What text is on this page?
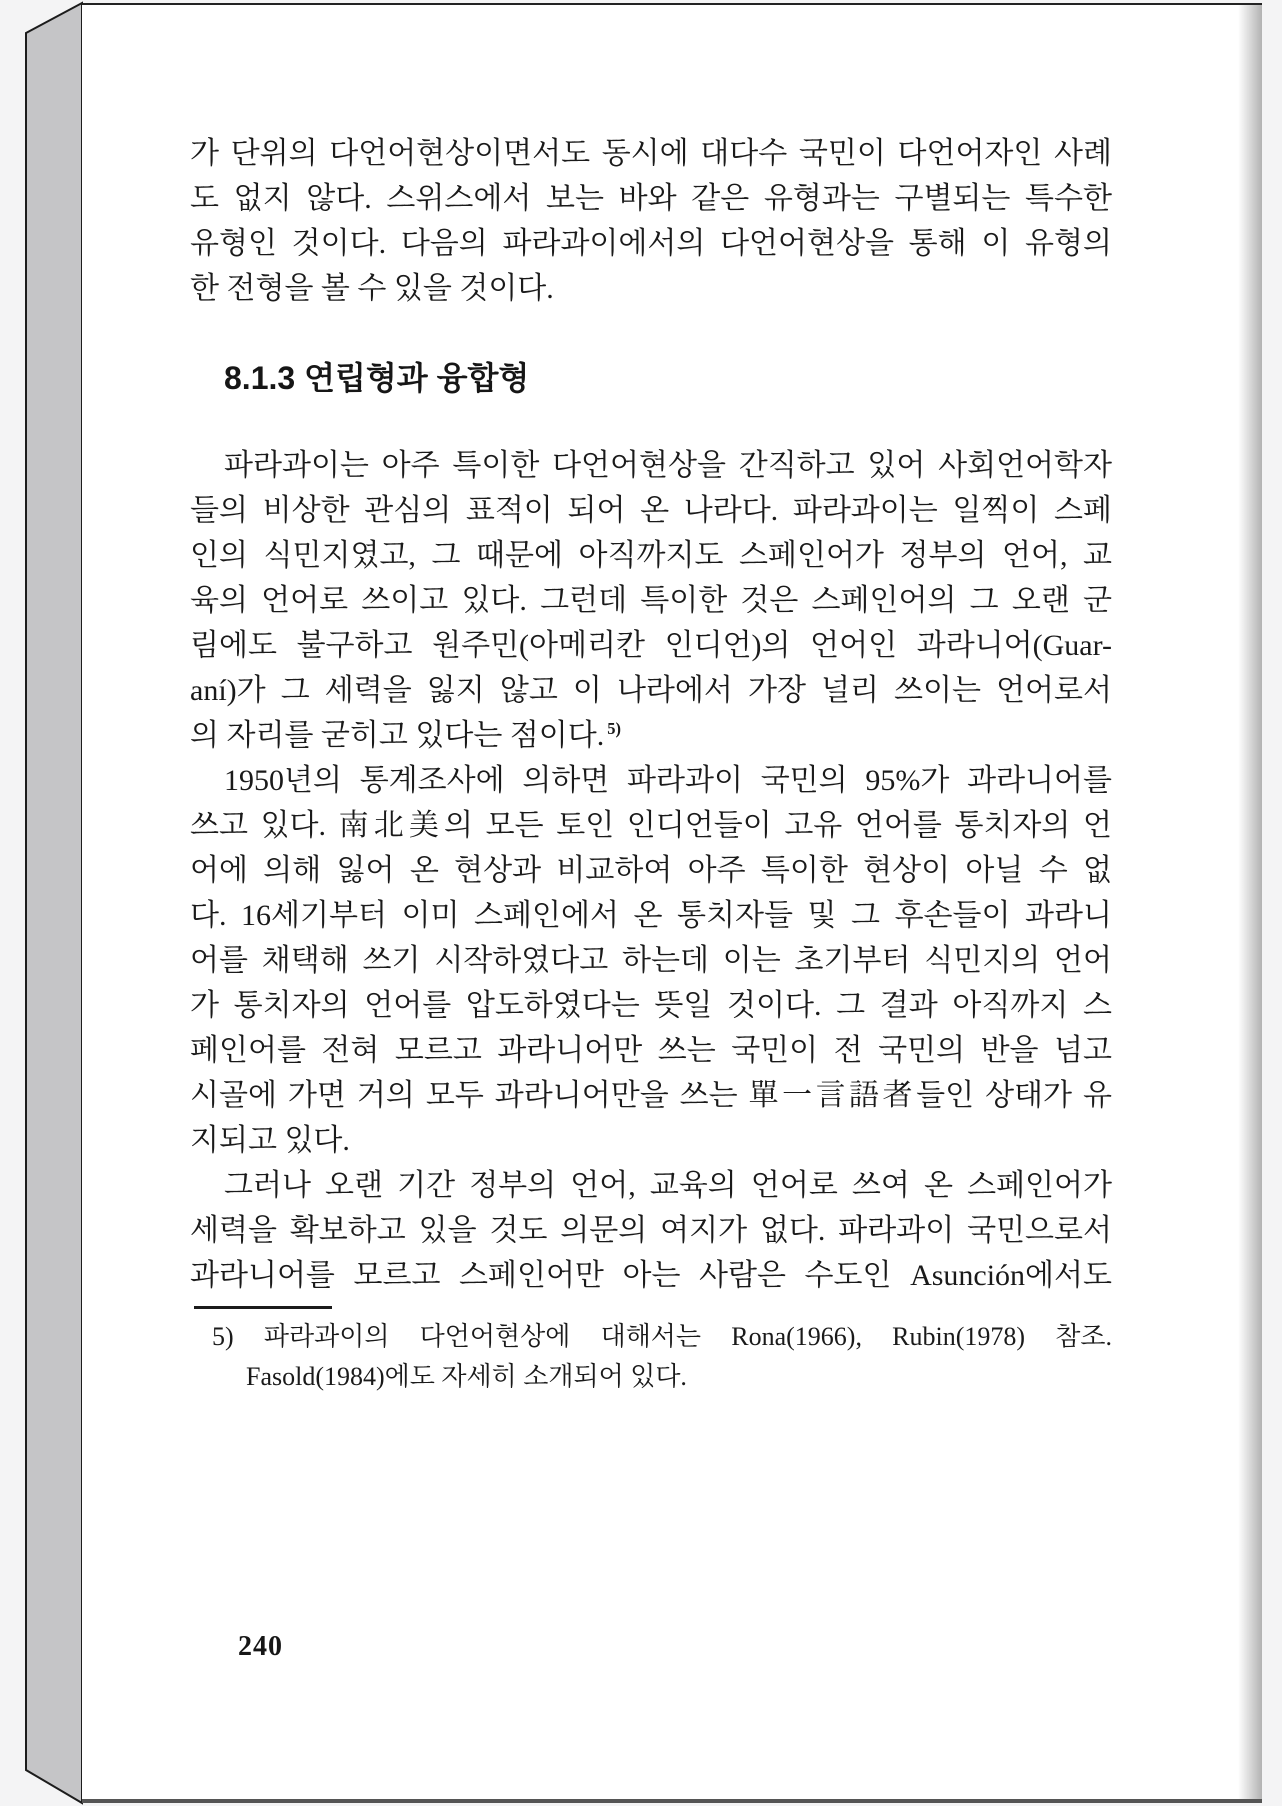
가 단위의 다언어현상이면서도 동시에 대다수 국민이 다언어자인 사례
도 없지 않다. 스위스에서 보는 바와 같은 유형과는 구별되는 특수한
유형인 것이다. 다음의 파라과이에서의 다언어현상을 통해 이 유형의
한 전형을 볼 수 있을 것이다.
8.1.3 연립형과 융합형
파라과이는 아주 특이한 다언어현상을 간직하고 있어 사회언어학자
들의 비상한 관심의 표적이 되어 온 나라다. 파라과이는 일찍이 스페
인의 식민지였고, 그 때문에 아직까지도 스페인어가 정부의 언어, 교
육의 언어로 쓰이고 있다. 그런데 특이한 것은 스페인어의 그 오랜 군
림에도 불구하고 원주민(아메리칸 인디언)의 언어인 과라니어(Guar-
aní)가 그 세력을 잃지 않고 이 나라에서 가장 널리 쓰이는 언어로서
의 자리를 굳히고 있다는 점이다. $^{5)}$
1950년의 통계조사에 의하면 파라과이 국민의 95%가 과라니어를
쓰고 있다. 南北美의 모든 토인 인디언들이 고유 언어를 통치자의 언
어에 의해 잃어 온 현상과 비교하여 아주 특이한 현상이 아닐 수 없
다. 16세기부터 이미 스페인에서 온 통치자들 및 그 후손들이 과라니
어를 채택해 쓰기 시작하였다고 하는데 이는 초기부터 식민지의 언어
가 통치자의 언어를 압도하였다는 뜻일 것이다. 그 결과 아직까지 스
페인어를 전혀 모르고 과라니어만 쓰는 국민이 전 국민의 반을 넘고
시골에 가면 거의 모두 과라니어만을 쓰는 單一言語者들인 상태가 유
지되고 있다.
그러나 오랜 기간 정부의 언어, 교육의 언어로 쓰여 온 스페인어가
세력을 확보하고 있을 것도 의문의 여지가 없다. 파라과이 국민으로서
과라니어를 모르고 스페인어만 아는 사람은 수도인 Asunción에서도
5) 파라과이의 다언어현상에 대해서는 Rona(1966), Rubin(1978) 참조.
Fasold(1984)에도 자세히 소개되어 있다.
240
